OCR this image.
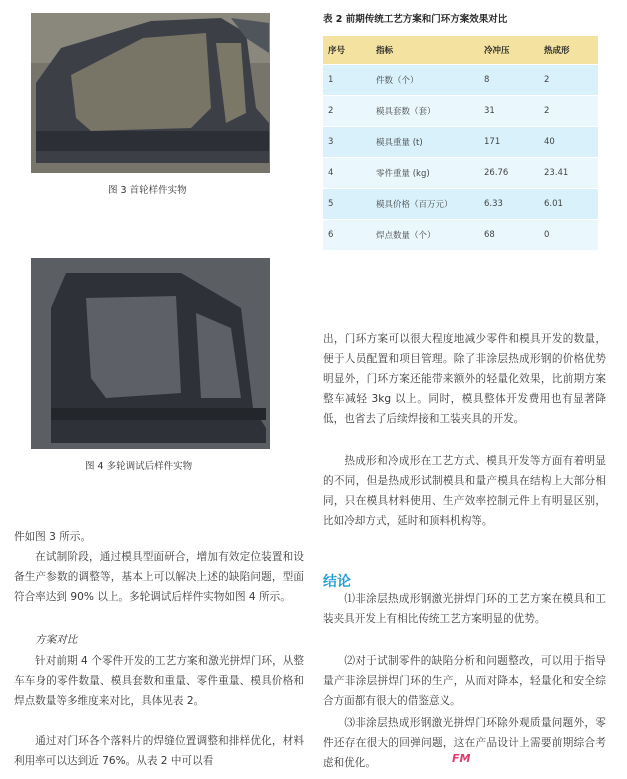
图 3 首轮样件实物
图 4 多轮调试后样件实物
表 2 前期传统工艺方案和门环方案效果对比
序号	指标	冷冲压	热成形
1	件数（个）	8	2
2	模具套数（套）	31	2
3	模具重量 (t)	171	40
4	零件重量 (kg)	26.76	23.41
5	模具价格（百万元）	6.33	6.01
6	焊点数量（个）	68	0

件如图 3 所示。

在试制阶段，通过模具型面研合，增加有效定位装置和设备生产参数的调整等，基本上可以解决上述的缺陷问题，型面符合率达到 90% 以上。多轮调试后样件实物如图 4 所示。

方案对比

针对前期 4 个零件开发的工艺方案和激光拼焊门环，从整车车身的零件数量、模具套数和重量、零件重量、模具价格和焊点数量等多维度来对比，具体见表 2。

通过对门环各个落料片的焊缝位置调整和排样优化，材料利用率可以达到近 76%。从表 2 中可以看

出，门环方案可以很大程度地减少零件和模具开发的数量，便于人员配置和项目管理。除了非涂层热成形钢的价格优势明显外，门环方案还能带来额外的轻量化效果，比前期方案整车减轻 3kg 以上。同时，模具整体开发费用也有显著降低，也省去了后续焊接和工装夹具的开发。

热成形和冷成形在工艺方式、模具开发等方面有着明显的不同，但是热成形试制模具和量产模具在结构上大部分相同，只在模具材料使用、生产效率控制元件上有明显区别，比如冷却方式，延时和顶料机构等。

结论

⑴非涂层热成形钢激光拼焊门环的工艺方案在模具和工装夹具开发上有相比传统工艺方案明显的优势。

⑵对于试制零件的缺陷分析和问题整改，可以用于指导量产非涂层拼焊门环的生产，从而对降本，轻量化和安全综合方面都有很大的借鉴意义。

⑶非涂层热成形钢激光拼焊门环除外观质量问题外，零件还存在很大的回弹问题，这在产品设计上需要前期综合考虑和优化。	FM
